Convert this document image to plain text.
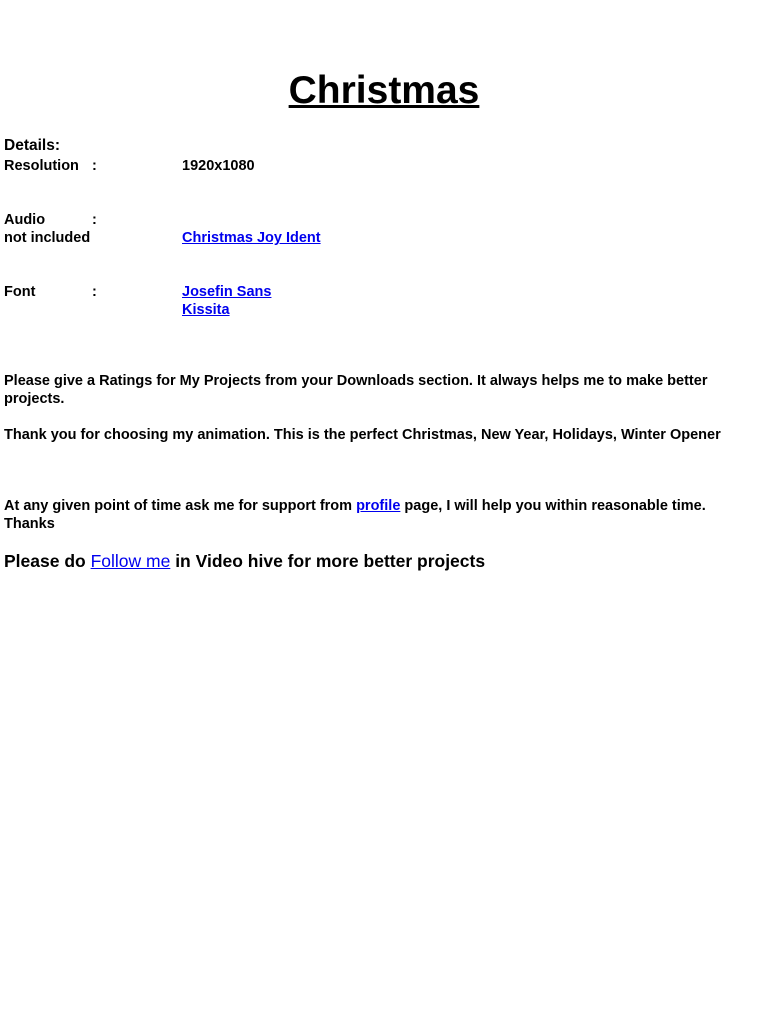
Christmas
Details:
Resolution :	1920x1080
Audio	:
not included	Christmas Joy Ident
Font	:	Josefin Sans
Kissita

Please give a Ratings for My Projects from your Downloads section. It always helps me to make better projects.

Thank you for choosing my animation. This is the perfect Christmas, New Year, Holidays, Winter Opener

At any given point of time ask me for support from profile page, I will help you within reasonable time.
Thanks

Please do Follow me in Video hive for more better projects
